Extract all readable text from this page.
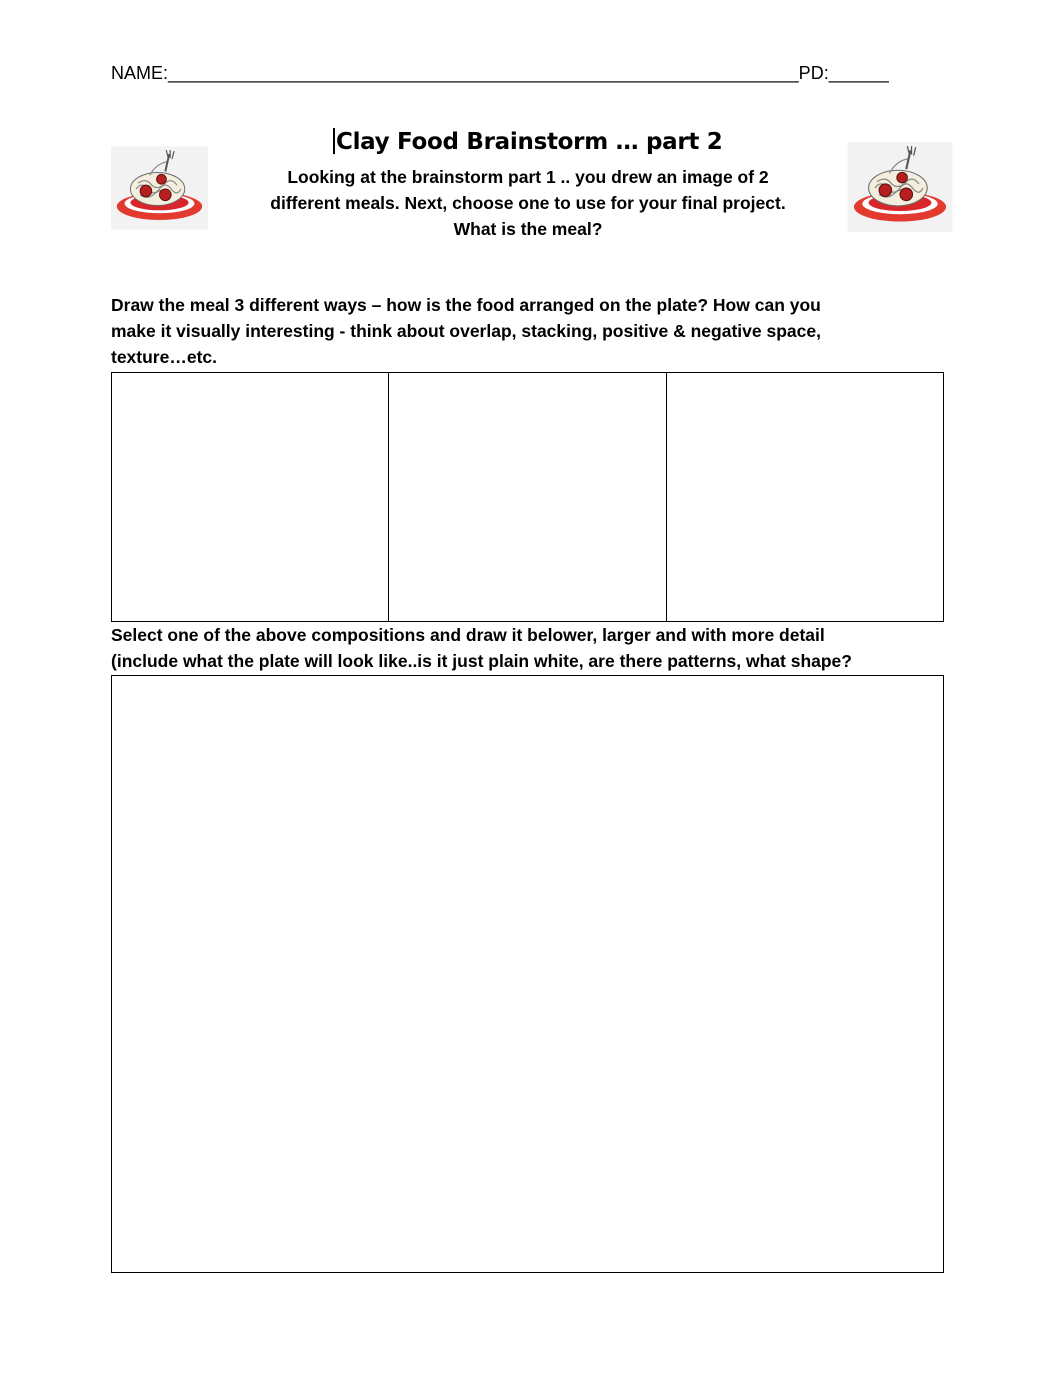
NAME:_______________________________________________________________PD:______
Clay Food Brainstorm … part 2
Looking at the brainstorm part 1 .. you drew an image of 2
different meals. Next, choose one to use for your final project.
What is the meal?
Draw the meal 3 different ways – how is the food arranged on the plate? How can you
make it visually interesting - think about overlap, stacking, positive & negative space,
texture…etc.
Select one of the above compositions and draw it belower, larger and with more detail
(include what the plate will look like..is it just plain white, are there patterns, what shape?
